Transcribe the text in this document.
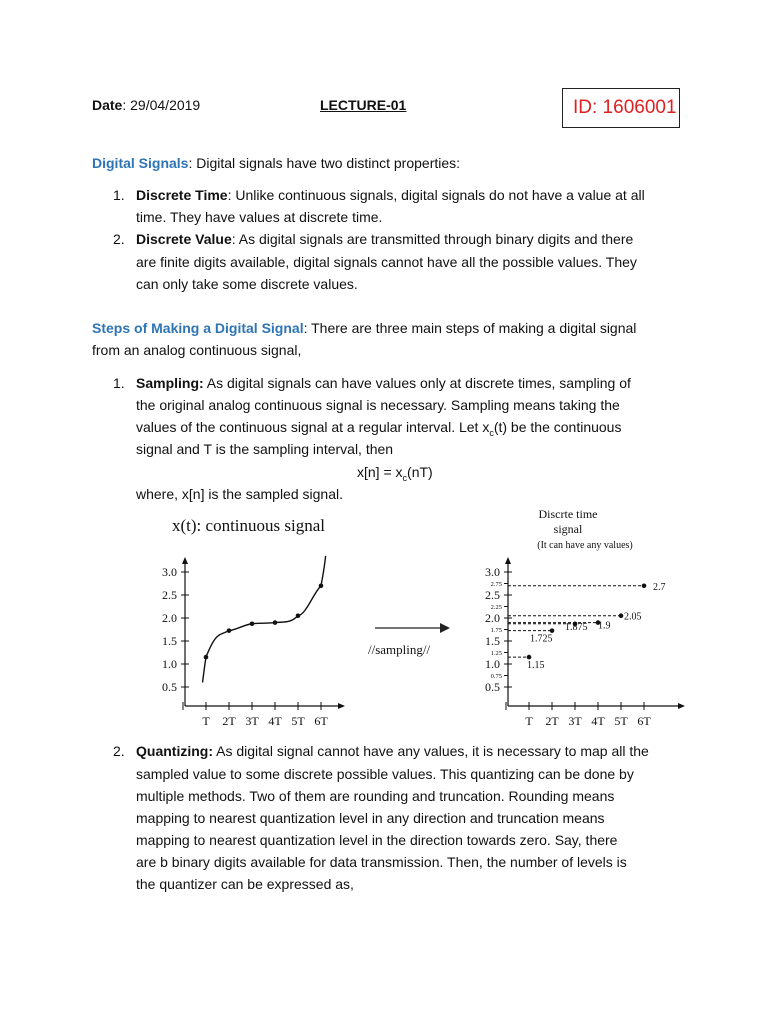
Date: 29/04/2019	LECTURE-01	ID: 1606001
Digital Signals: Digital signals have two distinct properties:
1. Discrete Time: Unlike continuous signals, digital signals do not have a value at all
time. They have values at discrete time.
2. Discrete Value: As digital signals are transmitted through binary digits and there
are finite digits available, digital signals cannot have all the possible values. They
can only take some discrete values.
Steps of Making a Digital Signal: There are three main steps of making a digital signal
from an analog continuous signal,
1. Sampling: As digital signals can have values only at discrete times, sampling of
the original analog continuous signal is necessary. Sampling means taking the
values of the continuous signal at a regular interval. Let $x_c(t)$ be the continuous
signal and T is the sampling interval, then
$x[n] = x_c(nT)$
where, x[n] is the sampled signal.
x(t): continuous signal
0.5
1.0
1.5
2.0
2.5
3.0
T 2T 3T 4T 5T 6T
//sampling//
Discrte time
signal
(It can have any values)
0.5
1.0
1.5
2.0
2.5
3.0
0.75
1.25
1.75
2.25
2.75
T 2T 3T 4T 5T 6T
1.15
1.725
1.875 1.9
2.05
2.7
2. Quantizing: As digital signal cannot have any values, it is necessary to map all the
sampled value to some discrete possible values. This quantizing can be done by
multiple methods. Two of them are rounding and truncation. Rounding means
mapping to nearest quantization level in any direction and truncation means
mapping to nearest quantization level in the direction towards zero. Say, there
are b binary digits available for data transmission. Then, the number of levels is
the quantizer can be expressed as,
